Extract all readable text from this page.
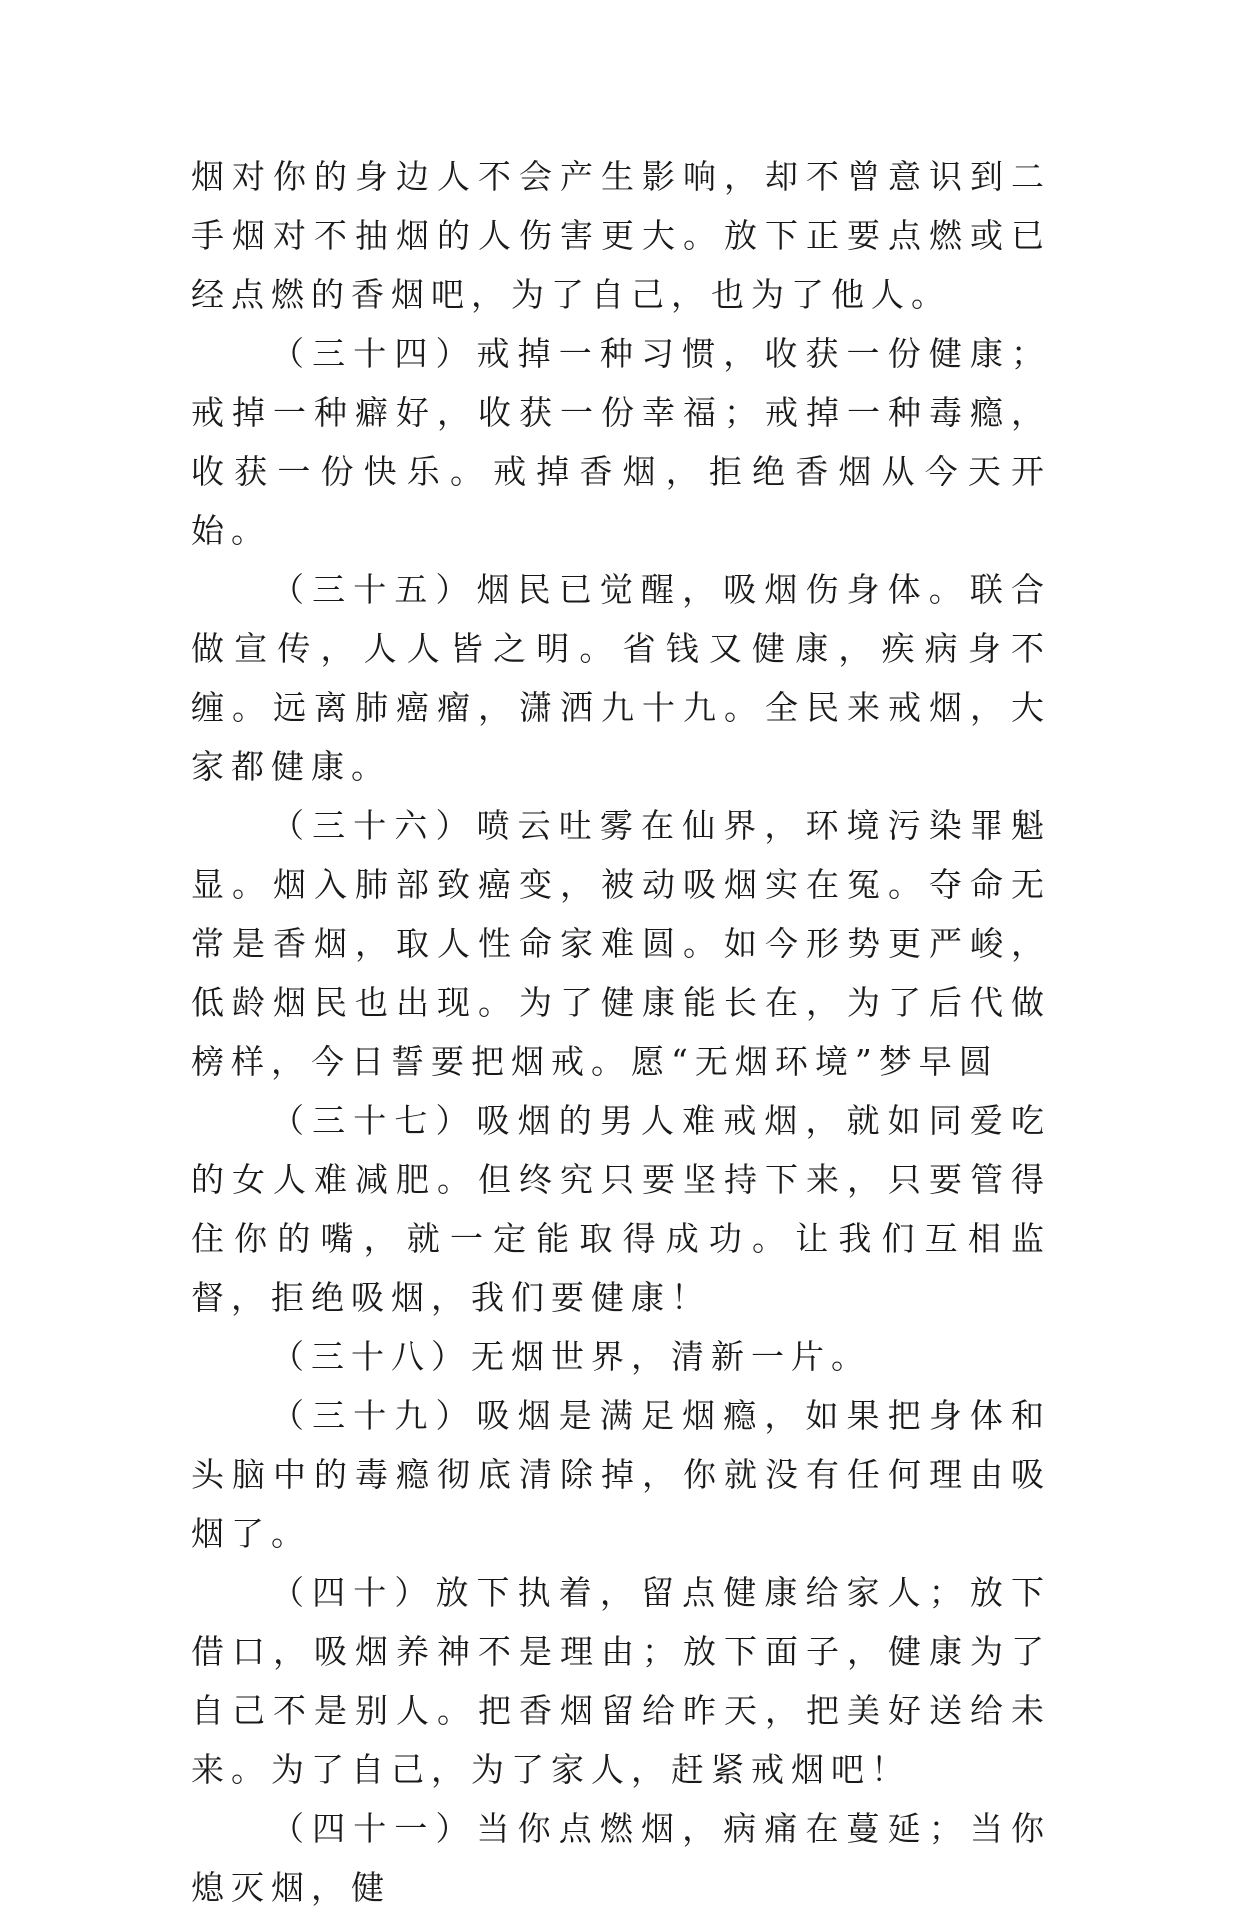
烟对你的身边人不会产生影响，却不曾意识到二手烟对不抽烟的人伤害更大。放下正要点燃或已经点燃的香烟吧，为了自己，也为了他人。

（三十四）戒掉一种习惯，收获一份健康；戒掉一种癖好，收获一份幸福；戒掉一种毒瘾，收获一份快乐。戒掉香烟，拒绝香烟从今天开始。

（三十五）烟民已觉醒，吸烟伤身体。联合做宣传，人人皆之明。省钱又健康，疾病身不缠。远离肺癌瘤，潇洒九十九。全民来戒烟，大家都健康。

（三十六）喷云吐雾在仙界，环境污染罪魁显。烟入肺部致癌变，被动吸烟实在冤。夺命无常是香烟，取人性命家难圆。如今形势更严峻，低龄烟民也出现。为了健康能长在，为了后代做榜样，今日誓要把烟戒。愿“无烟环境”梦早圆

（三十七）吸烟的男人难戒烟，就如同爱吃的女人难减肥。但终究只要坚持下来，只要管得住你的嘴，就一定能取得成功。让我们互相监督，拒绝吸烟，我们要健康！

（三十八）无烟世界，清新一片。

（三十九）吸烟是满足烟瘾，如果把身体和头脑中的毒瘾彻底清除掉，你就没有任何理由吸烟了。

（四十）放下执着，留点健康给家人；放下借口，吸烟养神不是理由；放下面子，健康为了自己不是别人。把香烟留给昨天，把美好送给未来。为了自己，为了家人，赶紧戒烟吧！

（四十一）当你点燃烟，病痛在蔓延；当你熄灭烟，健
